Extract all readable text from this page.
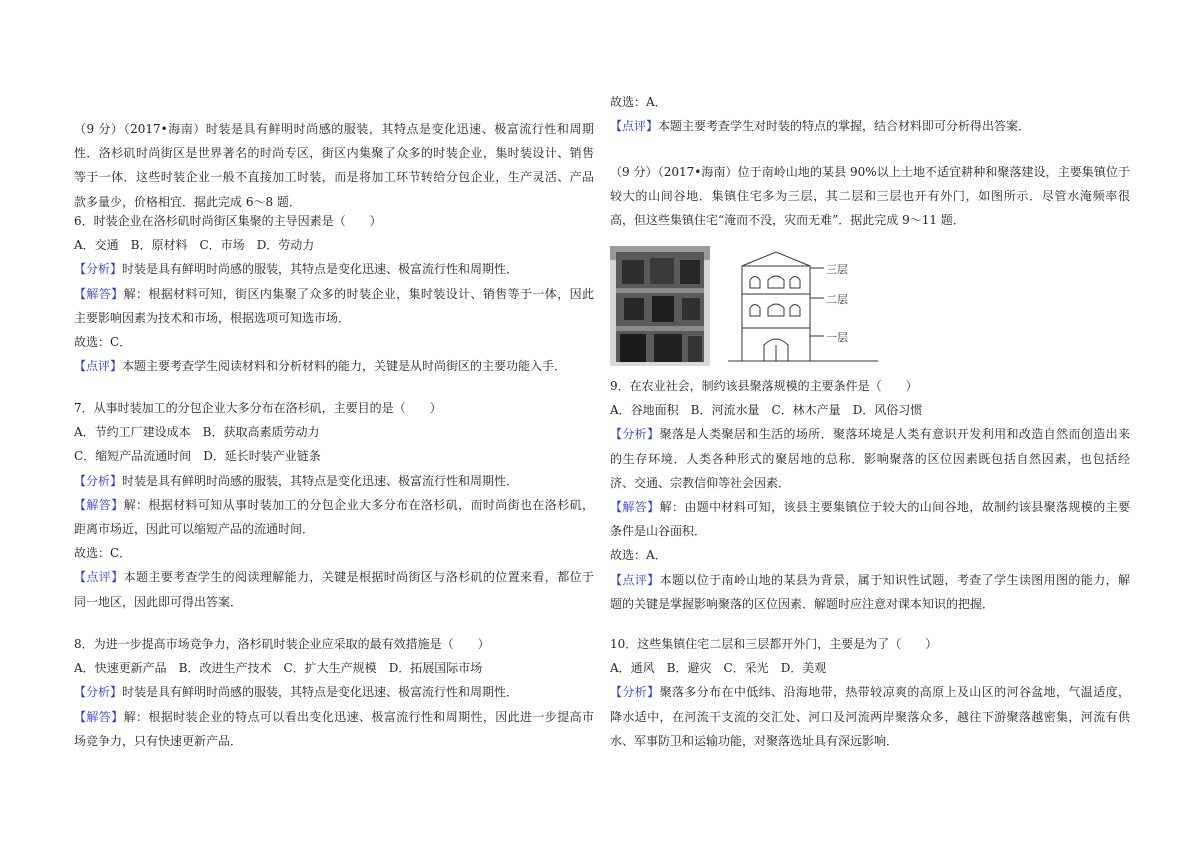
（9 分）（2017•海南）时装是具有鲜明时尚感的服装，其特点是变化迅速、极富流行性和周期
性．洛杉矶时尚街区是世界著名的时尚专区，街区内集聚了众多的时装企业，集时装设计、销售
等于一体．这些时装企业一般不直接加工时装，而是将加工环节转给分包企业，生产灵活、产品
款多量少，价格相宜．据此完成 6～8 题．
6．时装企业在洛杉矶时尚街区集聚的主导因素是（　　）
A．交通 B．原材料 C．市场 D．劳动力
【分析】时装是具有鲜明时尚感的服装，其特点是变化迅速、极富流行性和周期性．
【解答】解：根据材料可知，街区内集聚了众多的时装企业，集时装设计、销售等于一体，因此
主要影响因素为技术和市场，根据选项可知选市场．
故选：C．
【点评】本题主要考查学生阅读材料和分析材料的能力，关键是从时尚街区的主要功能入手．
7．从事时装加工的分包企业大多分布在洛杉矶，主要目的是（　　）
A．节约工厂建设成本 B．获取高素质劳动力
C．缩短产品流通时间 D．延长时装产业链条
【分析】时装是具有鲜明时尚感的服装，其特点是变化迅速、极富流行性和周期性．
【解答】解：根据材料可知从事时装加工的分包企业大多分布在洛杉矶，而时尚街也在洛杉矶，
距离市场近，因此可以缩短产品的流通时间．
故选：C．
【点评】本题主要考查学生的阅读理解能力，关键是根据时尚街区与洛杉矶的位置来看，都位于
同一地区，因此即可得出答案．
8．为进一步提高市场竞争力，洛杉矶时装企业应采取的最有效措施是（　　）
A．快速更新产品 B．改进生产技术 C．扩大生产规模 D．拓展国际市场
【分析】时装是具有鲜明时尚感的服装，其特点是变化迅速、极富流行性和周期性．
【解答】解：根据时装企业的特点可以看出变化迅速、极富流行性和周期性，因此进一步提高市
场竞争力，只有快速更新产品．
故选：A．
【点评】本题主要考查学生对时装的特点的掌握，结合材料即可分析得出答案．
（9 分）（2017•海南）位于南岭山地的某县 90%以上土地不适宜耕种和聚落建设，主要集镇位于
较大的山间谷地．集镇住宅多为三层，其二层和三层也开有外门，如图所示．尽管水淹频率很
高，但这些集镇住宅“淹而不没，灾而无难”．据此完成 9～11 题．
三层
二层
一层
9．在农业社会，制约该县聚落规模的主要条件是（　　）
A．谷地面积 B．河流水量 C．林木产量 D．风俗习惯
【分析】聚落是人类聚居和生活的场所．聚落环境是人类有意识开发利用和改造自然而创造出来
的生存环境．人类各种形式的聚居地的总称．影响聚落的区位因素既包括自然因素，也包括经
济、交通、宗教信仰等社会因素．
【解答】解：由题中材料可知，该县主要集镇位于较大的山间谷地，故制约该县聚落规模的主要
条件是山谷面积．
故选：A．
【点评】本题以位于南岭山地的某县为背景，属于知识性试题，考查了学生读图用图的能力，解
题的关键是掌握影响聚落的区位因素．解题时应注意对课本知识的把握．
10．这些集镇住宅二层和三层都开外门，主要是为了（　　）
A．通风 B．避灾 C．采光 D．美观
【分析】聚落多分布在中低纬、沿海地带，热带较凉爽的高原上及山区的河谷盆地，气温适度，
降水适中，在河流干支流的交汇处、河口及河流两岸聚落众多，越往下游聚落越密集，河流有供
水、军事防卫和运输功能，对聚落选址具有深远影响．
